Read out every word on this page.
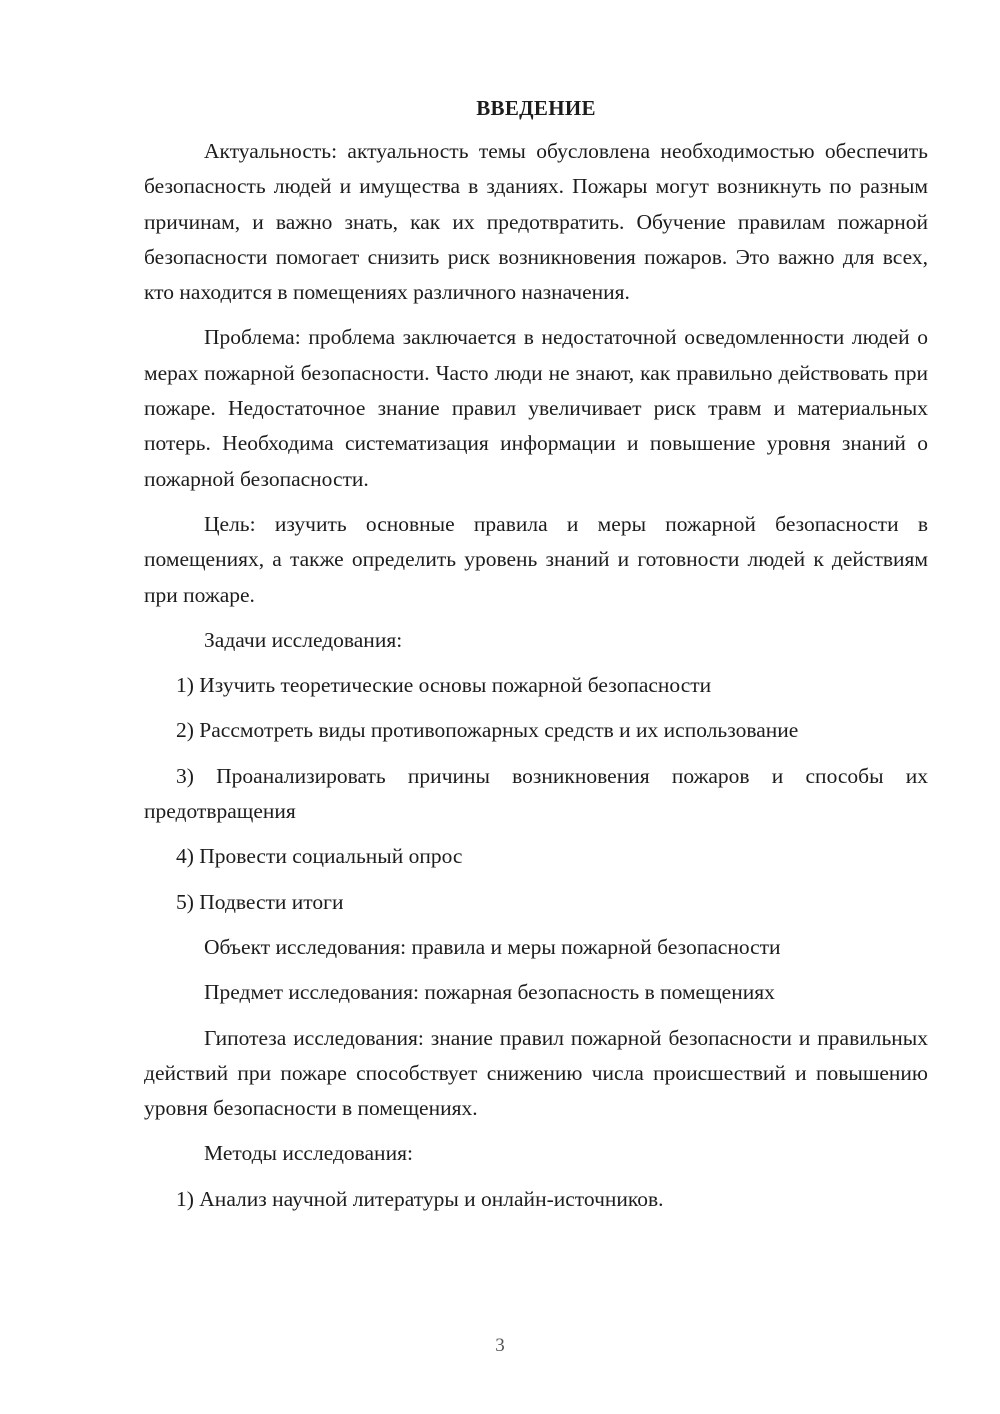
ВВЕДЕНИЕ

Актуальность: актуальность темы обусловлена необходимостью обеспечить безопасность людей и имущества в зданиях. Пожары могут возникнуть по разным причинам, и важно знать, как их предотвратить. Обучение правилам пожарной безопасности помогает снизить риск возникновения пожаров. Это важно для всех, кто находится в помещениях различного назначения.

Проблема: проблема заключается в недостаточной осведомленности людей о мерах пожарной безопасности. Часто люди не знают, как правильно действовать при пожаре. Недостаточное знание правил увеличивает риск травм и материальных потерь. Необходима систематизация информации и повышение уровня знаний о пожарной безопасности.

Цель: изучить основные правила и меры пожарной безопасности в помещениях, а также определить уровень знаний и готовности людей к действиям при пожаре.

Задачи исследования:

1) Изучить теоретические основы пожарной безопасности

2) Рассмотреть виды противопожарных средств и их использование

3) Проанализировать причины возникновения пожаров и способы их предотвращения

4) Провести социальный опрос

5) Подвести итоги

Объект исследования: правила и меры пожарной безопасности

Предмет исследования: пожарная безопасность в помещениях

Гипотеза исследования: знание правил пожарной безопасности и правильных действий при пожаре способствует снижению числа происшествий и повышению уровня безопасности в помещениях.

Методы исследования:

1) Анализ научной литературы и онлайн-источников.

3
